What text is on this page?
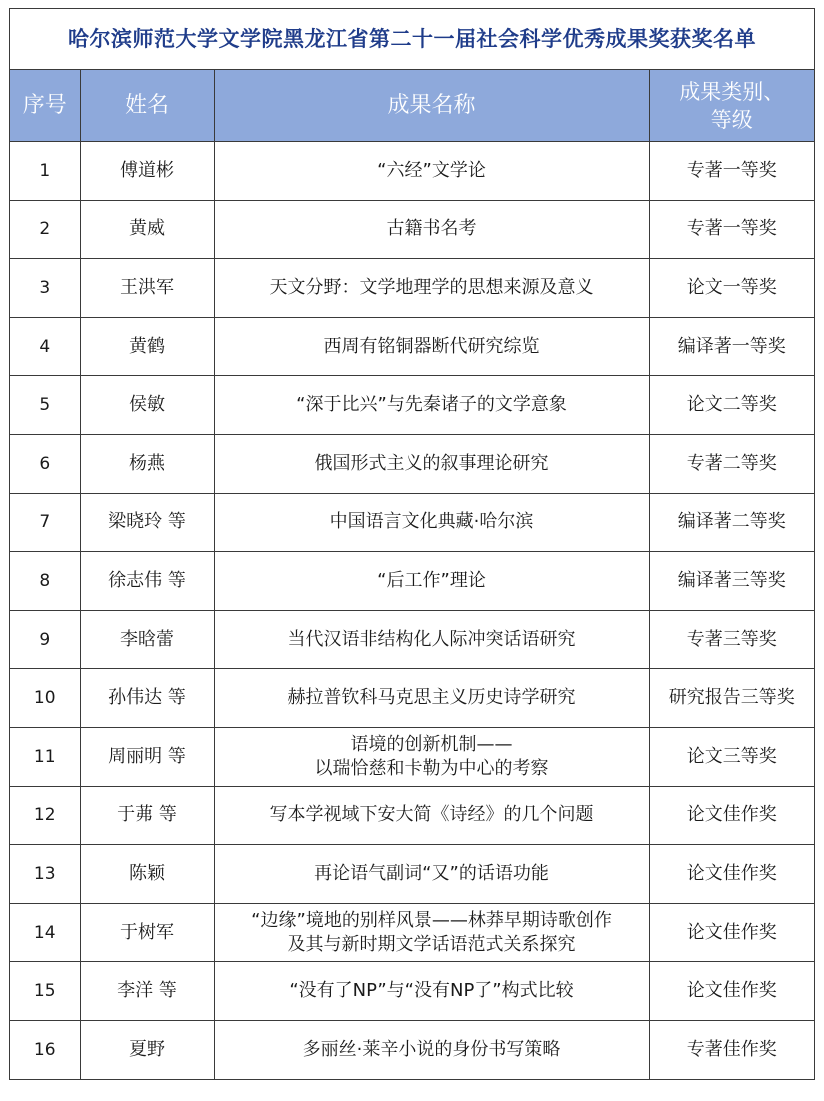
哈尔滨师范大学文学院黑龙江省第二十一届社会科学优秀成果奖获奖名单
序号	姓名	成果名称	成果类别、
等级

1	傅道彬	“六经”文学论	专著一等奖
2	黄威	古籍书名考	专著一等奖
3	王洪军	天文分野：文学地理学的思想来源及意义	论文一等奖
4	黄鹤	西周有铭铜器断代研究综览	编译著一等奖
5	侯敏	“深于比兴”与先秦诸子的文学意象	论文二等奖
6	杨燕	俄国形式主义的叙事理论研究	专著二等奖
7	梁晓玲 等	中国语言文化典藏·哈尔滨	编译著二等奖
8	徐志伟 等	“后工作”理论	编译著三等奖
9	李晗蕾	当代汉语非结构化人际冲突话语研究	专著三等奖
10	孙伟达 等	赫拉普钦科马克思主义历史诗学研究	研究报告三等奖
11	周丽明 等	语境的创新机制——
以瑞恰慈和卡勒为中心的考察	论文三等奖
12	于茀 等	写本学视域下安大简《诗经》的几个问题	论文佳作奖
13	陈颖	再论语气副词“又”的话语功能	论文佳作奖
14	于树军	“边缘”境地的别样风景——林莽早期诗歌创作
及其与新时期文学话语范式关系探究	论文佳作奖
15	李洋 等	“没有了NP”与“没有NP了”构式比较	论文佳作奖
16	夏野	多丽丝·莱辛小说的身份书写策略	专著佳作奖
